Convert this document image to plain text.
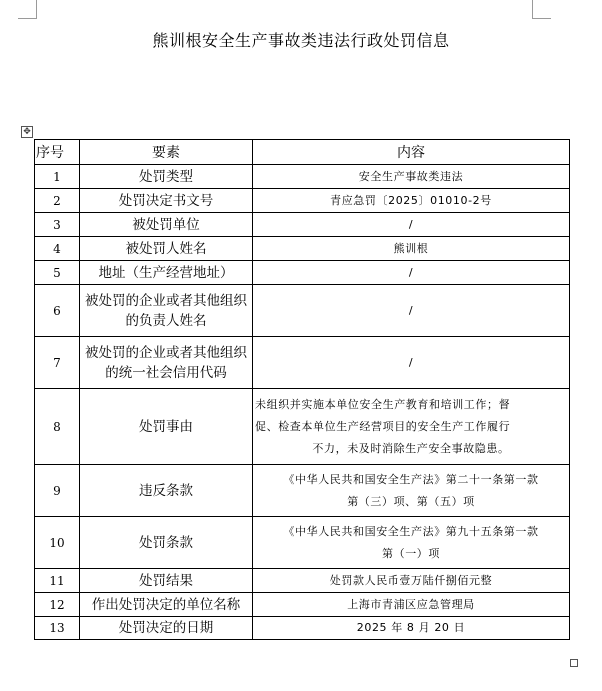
熊训根安全生产事故类违法行政处罚信息
✥
序号	要素	内容
1	处罚类型	安全生产事故类违法
2	处罚决定书文号	青应急罚〔2025〕01010-2号
3	被处罚单位	/
4	被处罚人姓名	熊训根
5	地址（生产经营地址）	/
6	被处罚的企业或者其他组织
的负责人姓名	/
7	被处罚的企业或者其他组织
的统一社会信用代码	/
8	处罚事由	未组织并实施本单位安全生产教育和培训工作；督
促、检查本单位生产经营项目的安全生产工作履行
不力，未及时消除生产安全事故隐患。

9	违反条款	《中华人民共和国安全生产法》第二十一条第一款
第（三）项、第（五）项

10	处罚条款	《中华人民共和国安全生产法》第九十五条第一款
第（一）项

11	处罚结果	处罚款人民币壹万陆仟捌佰元整
12	作出处罚决定的单位名称	上海市青浦区应急管理局
13	处罚决定的日期	2025 年 8 月 20 日
